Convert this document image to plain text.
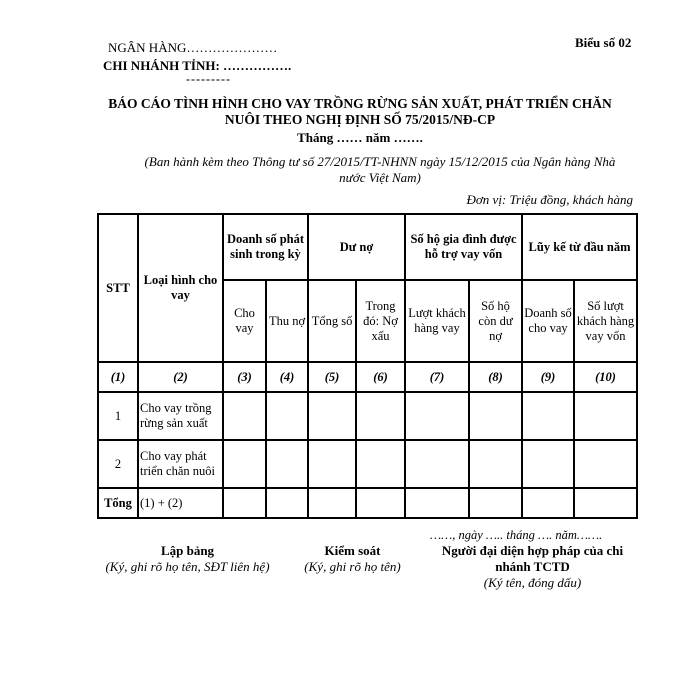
NGÂN HÀNG…………………
CHI NHÁNH TỈNH: …………….
---------
Biểu số 02
BÁO CÁO TÌNH HÌNH CHO VAY TRỒNG RỪNG SẢN XUẤT, PHÁT TRIỂN CHĂN
NUÔI THEO NGHỊ ĐỊNH SỐ 75/2015/NĐ-CP
Tháng …… năm …….
(Ban hành kèm theo Thông tư số 27/2015/TT-NHNN ngày 15/12/2015 của Ngân hàng Nhà
nước Việt Nam)
Đơn vị: Triệu đồng, khách hàng
STT	Loại hình cho vay	Doanh số phát sinh trong kỳ		Dư nợ		Số hộ gia đình được hỗ trợ vay vốn		Lũy kế từ đầu năm	
		Cho vay	Thu nợ	Tổng số	Trong đó: Nợ xấu	Lượt khách hàng vay	Số hộ còn dư nợ	Doanh số cho vay	Số lượt khách hàng vay vốn
(1)	(2)	(3)	(4)	(5)	(6)	(7)	(8)	(9)	(10)
1	Cho vay trồng rừng sản xuất								
2	Cho vay phát triển chăn nuôi								
Tổng	(1) + (2)								
……, ngày ….. tháng …. năm…….
Lập bảng
(Ký, ghi rõ họ tên, SĐT liên hệ)
Kiểm soát
(Ký, ghi rõ họ tên)
Người đại diện hợp pháp của chi nhánh TCTD
(Ký tên, đóng dấu)
